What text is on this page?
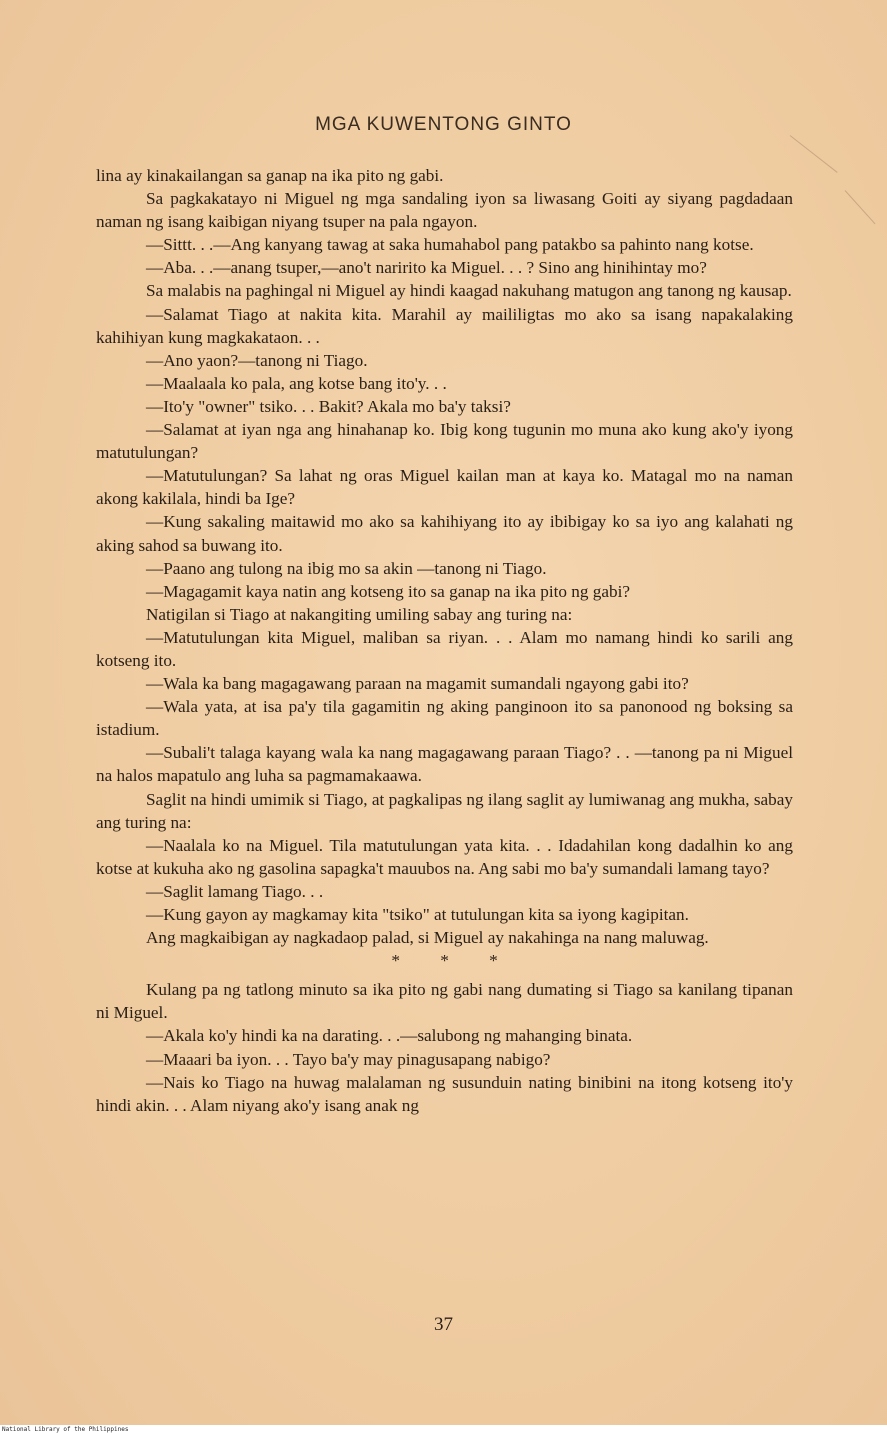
MGA KUWENTONG GINTO

lina ay kinakailangan sa ganap na ika pito ng gabi.

Sa pagkakatayo ni Miguel ng mga sandaling iyon sa liwasang Goiti ay siyang pagdadaan naman ng isang kaibigan niyang tsuper na pala ngayon.

—Sittt. . .—Ang kanyang tawag at saka humahabol pang patakbo sa pahinto nang kotse.

—Aba. . .—anang tsuper,—ano't naririto ka Miguel. . . ? Sino ang hinihintay mo?

Sa malabis na paghingal ni Miguel ay hindi kaagad nakuhang matugon ang tanong ng kausap.

—Salamat Tiago at nakita kita. Marahil ay maililigtas mo ako sa isang napakalaking kahihiyan kung magkakataon. . .

—Ano yaon?—tanong ni Tiago.

—Maalaala ko pala, ang kotse bang ito'y. . .

—Ito'y "owner" tsiko. . . Bakit? Akala mo ba'y taksi?

—Salamat at iyan nga ang hinahanap ko. Ibig kong tugunin mo muna ako kung ako'y iyong matutulungan?

—Matutulungan? Sa lahat ng oras Miguel kailan man at kaya ko. Matagal mo na naman akong kakilala, hindi ba Ige?

—Kung sakaling maitawid mo ako sa kahihiyang ito ay ibibigay ko sa iyo ang kalahati ng aking sahod sa buwang ito.

—Paano ang tulong na ibig mo sa akin —tanong ni Tiago.

—Magagamit kaya natin ang kotseng ito sa ganap na ika pito ng gabi?

Natigilan si Tiago at nakangiting umiling sabay ang turing na:

—Matutulungan kita Miguel, maliban sa riyan. . . Alam mo namang hindi ko sarili ang kotseng ito.

—Wala ka bang magagawang paraan na magamit sumandali ngayong gabi ito?

—Wala yata, at isa pa'y tila gagamitin ng aking panginoon ito sa panonood ng boksing sa istadium.

—Subali't talaga kayang wala ka nang magagawang paraan Tiago? . . —tanong pa ni Miguel na halos mapatulo ang luha sa pagmamakaawa.

Saglit na hindi umimik si Tiago, at pagkalipas ng ilang saglit ay lumiwanag ang mukha, sabay ang turing na:

—Naalala ko na Miguel. Tila matutulungan yata kita. . . Idadahilan kong dadalhin ko ang kotse at kukuha ako ng gasolina sapagka't mauubos na. Ang sabi mo ba'y sumandali lamang tayo?

—Saglit lamang Tiago. . .

—Kung gayon ay magkamay kita "tsiko" at tutulungan kita sa iyong kagipitan.

Ang magkaibigan ay nagkadaop palad, si Miguel ay nakahinga na nang maluwag.

* * *

Kulang pa ng tatlong minuto sa ika pito ng gabi nang dumating si Tiago sa kanilang tipanan ni Miguel.

—Akala ko'y hindi ka na darating. . .—salubong ng mahanging binata.

—Maaari ba iyon. . . Tayo ba'y may pinagusapang nabigo?

—Nais ko Tiago na huwag malalaman ng susunduin nating binibini na itong kotseng ito'y hindi akin. . . Alam niyang ako'y isang anak ng

37
National Library of the Philippines
